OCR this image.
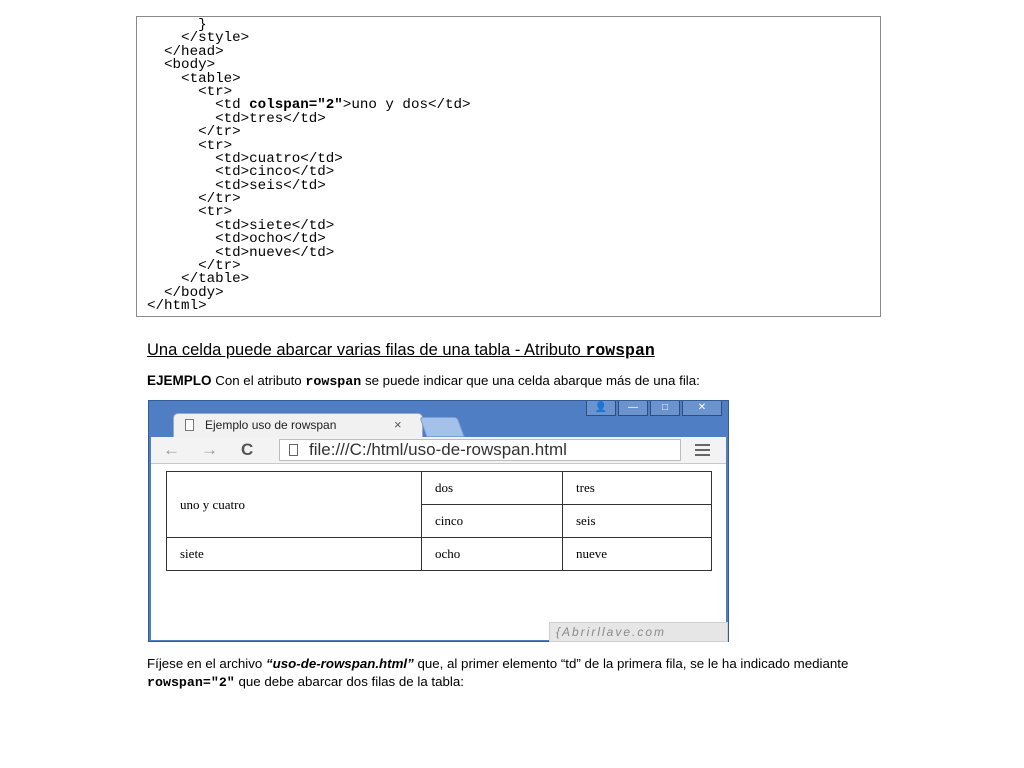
}
</style>
</head>
<body>
<table>
<tr>
<td colspan="2">uno y dos</td>
<td>tres</td>
</tr>
<tr>
<td>cuatro</td>
<td>cinco</td>
<td>seis</td>
</tr>
<tr>
<td>siete</td>
<td>ocho</td>
<td>nueve</td>
</tr>
</table>
</body>
</html>
Una celda puede abarcar varias filas de una tabla - Atributo rowspan
EJEMPLO Con el atributo rowspan se puede indicar que una celda abarque más de una fila:
Ejemplo uso de rowspan	×
👤	—	□	✕
← → C	file:///C:/html/uso-de-rowspan.html
uno y cuatro	dos	tres
	cinco	seis
siete	ocho	nueve
{Abrirllave.com
Fíjese en el archivo “uso-de-rowspan.html” que, al primer elemento “td” de la primera fila, se le ha indicado mediante rowspan="2" que debe abarcar dos filas de la tabla:
